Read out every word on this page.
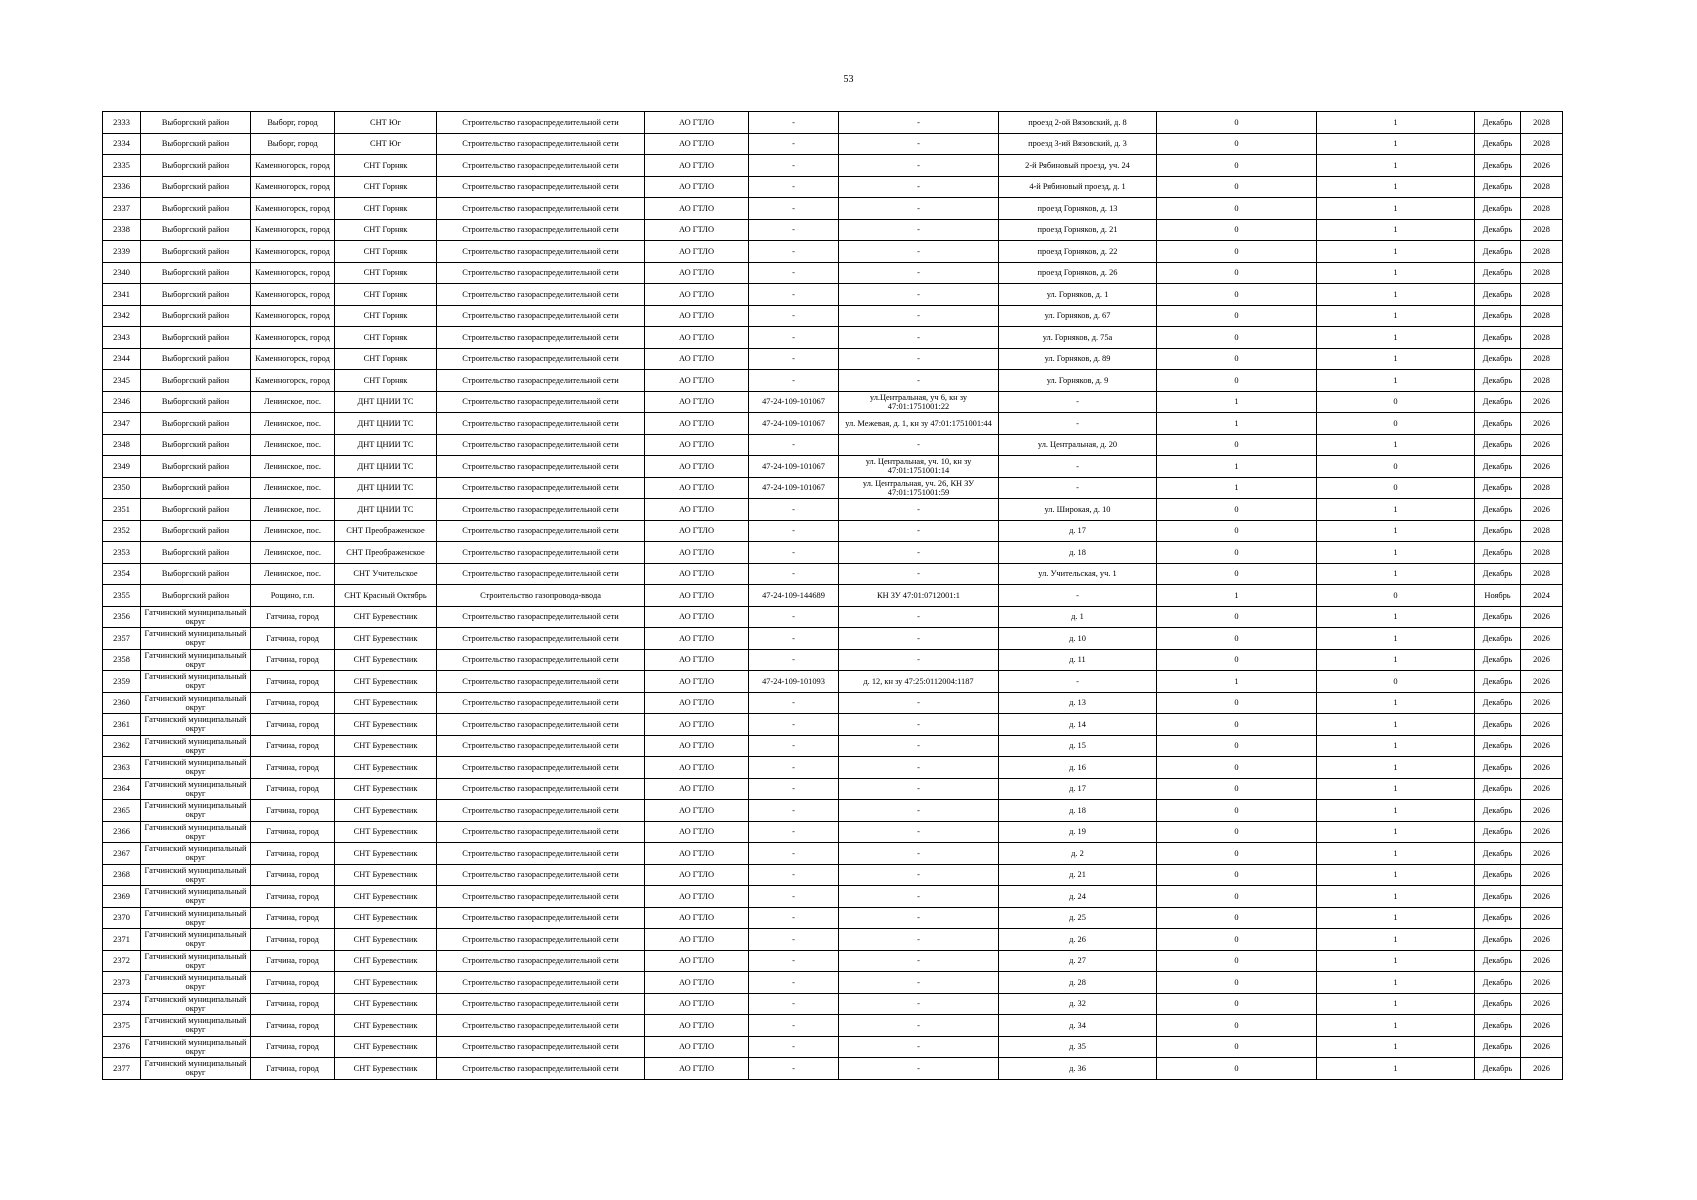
53
2333	Выборгский район	Выборг, город	СНТ Юг	Строительство газораспределительной сети	АО ГТЛО	-	-	проезд 2-ой Вязовский, д. 8	0	1	Декабрь	2028
2334	Выборгский район	Выборг, город	СНТ Юг	Строительство газораспределительной сети	АО ГТЛО	-	-	проезд 3-ий Вязовский, д. 3	0	1	Декабрь	2028
2335	Выборгский район	Каменногорск, город	СНТ Горняк	Строительство газораспределительной сети	АО ГТЛО	-	-	2-й Рябиновый проезд, уч. 24	0	1	Декабрь	2026
2336	Выборгский район	Каменногорск, город	СНТ Горняк	Строительство газораспределительной сети	АО ГТЛО	-	-	4-й Рябиновый проезд, д. 1	0	1	Декабрь	2028
2337	Выборгский район	Каменногорск, город	СНТ Горняк	Строительство газораспределительной сети	АО ГТЛО	-	-	проезд Горняков, д. 13	0	1	Декабрь	2028
2338	Выборгский район	Каменногорск, город	СНТ Горняк	Строительство газораспределительной сети	АО ГТЛО	-	-	проезд Горняков, д. 21	0	1	Декабрь	2028
2339	Выборгский район	Каменногорск, город	СНТ Горняк	Строительство газораспределительной сети	АО ГТЛО	-	-	проезд Горняков, д. 22	0	1	Декабрь	2028
2340	Выборгский район	Каменногорск, город	СНТ Горняк	Строительство газораспределительной сети	АО ГТЛО	-	-	проезд Горняков, д. 26	0	1	Декабрь	2028
2341	Выборгский район	Каменногорск, город	СНТ Горняк	Строительство газораспределительной сети	АО ГТЛО	-	-	ул. Горняков, д. 1	0	1	Декабрь	2028
2342	Выборгский район	Каменногорск, город	СНТ Горняк	Строительство газораспределительной сети	АО ГТЛО	-	-	ул. Горняков, д. 67	0	1	Декабрь	2028
2343	Выборгский район	Каменногорск, город	СНТ Горняк	Строительство газораспределительной сети	АО ГТЛО	-	-	ул. Горняков, д. 75а	0	1	Декабрь	2028
2344	Выборгский район	Каменногорск, город	СНТ Горняк	Строительство газораспределительной сети	АО ГТЛО	-	-	ул. Горняков, д. 89	0	1	Декабрь	2028
2345	Выборгский район	Каменногорск, город	СНТ Горняк	Строительство газораспределительной сети	АО ГТЛО	-	-	ул. Горняков, д. 9	0	1	Декабрь	2028
2346	Выборгский район	Ленинское, пос.	ДНТ ЦНИИ ТС	Строительство газораспределительной сети	АО ГТЛО	47-24-109-101067	ул.Центральная, уч 6, кн зу 47:01:1751001:22	-	1	0	Декабрь	2026
2347	Выборгский район	Ленинское, пос.	ДНТ ЦНИИ ТС	Строительство газораспределительной сети	АО ГТЛО	47-24-109-101067	ул. Межевая, д. 1, кн зу 47:01:1751001:44	-	1	0	Декабрь	2026
2348	Выборгский район	Ленинское, пос.	ДНТ ЦНИИ ТС	Строительство газораспределительной сети	АО ГТЛО	-	-	ул. Центральная, д. 20	0	1	Декабрь	2026
2349	Выборгский район	Ленинское, пос.	ДНТ ЦНИИ ТС	Строительство газораспределительной сети	АО ГТЛО	47-24-109-101067	ул. Центральная, уч. 10, кн зу 47:01:1751001:14	-	1	0	Декабрь	2026
2350	Выборгский район	Ленинское, пос.	ДНТ ЦНИИ ТС	Строительство газораспределительной сети	АО ГТЛО	47-24-109-101067	ул. Центральная, уч. 26, КН ЗУ 47:01:1751001:59	-	1	0	Декабрь	2028
2351	Выборгский район	Ленинское, пос.	ДНТ ЦНИИ ТС	Строительство газораспределительной сети	АО ГТЛО	-	-	ул. Широкая, д. 10	0	1	Декабрь	2026
2352	Выборгский район	Ленинское, пос.	СНТ Преображенское	Строительство газораспределительной сети	АО ГТЛО	-	-	д. 17	0	1	Декабрь	2028
2353	Выборгский район	Ленинское, пос.	СНТ Преображенское	Строительство газораспределительной сети	АО ГТЛО	-	-	д. 18	0	1	Декабрь	2028
2354	Выборгский район	Ленинское, пос.	СНТ Учительское	Строительство газораспределительной сети	АО ГТЛО	-	-	ул. Учительская, уч. 1	0	1	Декабрь	2028
2355	Выборгский район	Рощино, г.п.	СНТ Красный Октябрь	Строительство газопровода-ввода	АО ГТЛО	47-24-109-144689	КН ЗУ 47:01:0712001:1	-	1	0	Ноябрь	2024
2356	Гатчинский муниципальный округ	Гатчина, город	СНТ Буревестник	Строительство газораспределительной сети	АО ГТЛО	-	-	д. 1	0	1	Декабрь	2026
2357	Гатчинский муниципальный округ	Гатчина, город	СНТ Буревестник	Строительство газораспределительной сети	АО ГТЛО	-	-	д. 10	0	1	Декабрь	2026
2358	Гатчинский муниципальный округ	Гатчина, город	СНТ Буревестник	Строительство газораспределительной сети	АО ГТЛО	-	-	д. 11	0	1	Декабрь	2026
2359	Гатчинский муниципальный округ	Гатчина, город	СНТ Буревестник	Строительство газораспределительной сети	АО ГТЛО	47-24-109-101093	д. 12, кн зу 47:25:0112004:1187	-	1	0	Декабрь	2026
2360	Гатчинский муниципальный округ	Гатчина, город	СНТ Буревестник	Строительство газораспределительной сети	АО ГТЛО	-	-	д. 13	0	1	Декабрь	2026
2361	Гатчинский муниципальный округ	Гатчина, город	СНТ Буревестник	Строительство газораспределительной сети	АО ГТЛО	-	-	д. 14	0	1	Декабрь	2026
2362	Гатчинский муниципальный округ	Гатчина, город	СНТ Буревестник	Строительство газораспределительной сети	АО ГТЛО	-	-	д. 15	0	1	Декабрь	2026
2363	Гатчинский муниципальный округ	Гатчина, город	СНТ Буревестник	Строительство газораспределительной сети	АО ГТЛО	-	-	д. 16	0	1	Декабрь	2026
2364	Гатчинский муниципальный округ	Гатчина, город	СНТ Буревестник	Строительство газораспределительной сети	АО ГТЛО	-	-	д. 17	0	1	Декабрь	2026
2365	Гатчинский муниципальный округ	Гатчина, город	СНТ Буревестник	Строительство газораспределительной сети	АО ГТЛО	-	-	д. 18	0	1	Декабрь	2026
2366	Гатчинский муниципальный округ	Гатчина, город	СНТ Буревестник	Строительство газораспределительной сети	АО ГТЛО	-	-	д. 19	0	1	Декабрь	2026
2367	Гатчинский муниципальный округ	Гатчина, город	СНТ Буревестник	Строительство газораспределительной сети	АО ГТЛО	-	-	д. 2	0	1	Декабрь	2026
2368	Гатчинский муниципальный округ	Гатчина, город	СНТ Буревестник	Строительство газораспределительной сети	АО ГТЛО	-	-	д. 21	0	1	Декабрь	2026
2369	Гатчинский муниципальный округ	Гатчина, город	СНТ Буревестник	Строительство газораспределительной сети	АО ГТЛО	-	-	д. 24	0	1	Декабрь	2026
2370	Гатчинский муниципальный округ	Гатчина, город	СНТ Буревестник	Строительство газораспределительной сети	АО ГТЛО	-	-	д. 25	0	1	Декабрь	2026
2371	Гатчинский муниципальный округ	Гатчина, город	СНТ Буревестник	Строительство газораспределительной сети	АО ГТЛО	-	-	д. 26	0	1	Декабрь	2026
2372	Гатчинский муниципальный округ	Гатчина, город	СНТ Буревестник	Строительство газораспределительной сети	АО ГТЛО	-	-	д. 27	0	1	Декабрь	2026
2373	Гатчинский муниципальный округ	Гатчина, город	СНТ Буревестник	Строительство газораспределительной сети	АО ГТЛО	-	-	д. 28	0	1	Декабрь	2026
2374	Гатчинский муниципальный округ	Гатчина, город	СНТ Буревестник	Строительство газораспределительной сети	АО ГТЛО	-	-	д. 32	0	1	Декабрь	2026
2375	Гатчинский муниципальный округ	Гатчина, город	СНТ Буревестник	Строительство газораспределительной сети	АО ГТЛО	-	-	д. 34	0	1	Декабрь	2026
2376	Гатчинский муниципальный округ	Гатчина, город	СНТ Буревестник	Строительство газораспределительной сети	АО ГТЛО	-	-	д. 35	0	1	Декабрь	2026
2377	Гатчинский муниципальный округ	Гатчина, город	СНТ Буревестник	Строительство газораспределительной сети	АО ГТЛО	-	-	д. 36	0	1	Декабрь	2026
